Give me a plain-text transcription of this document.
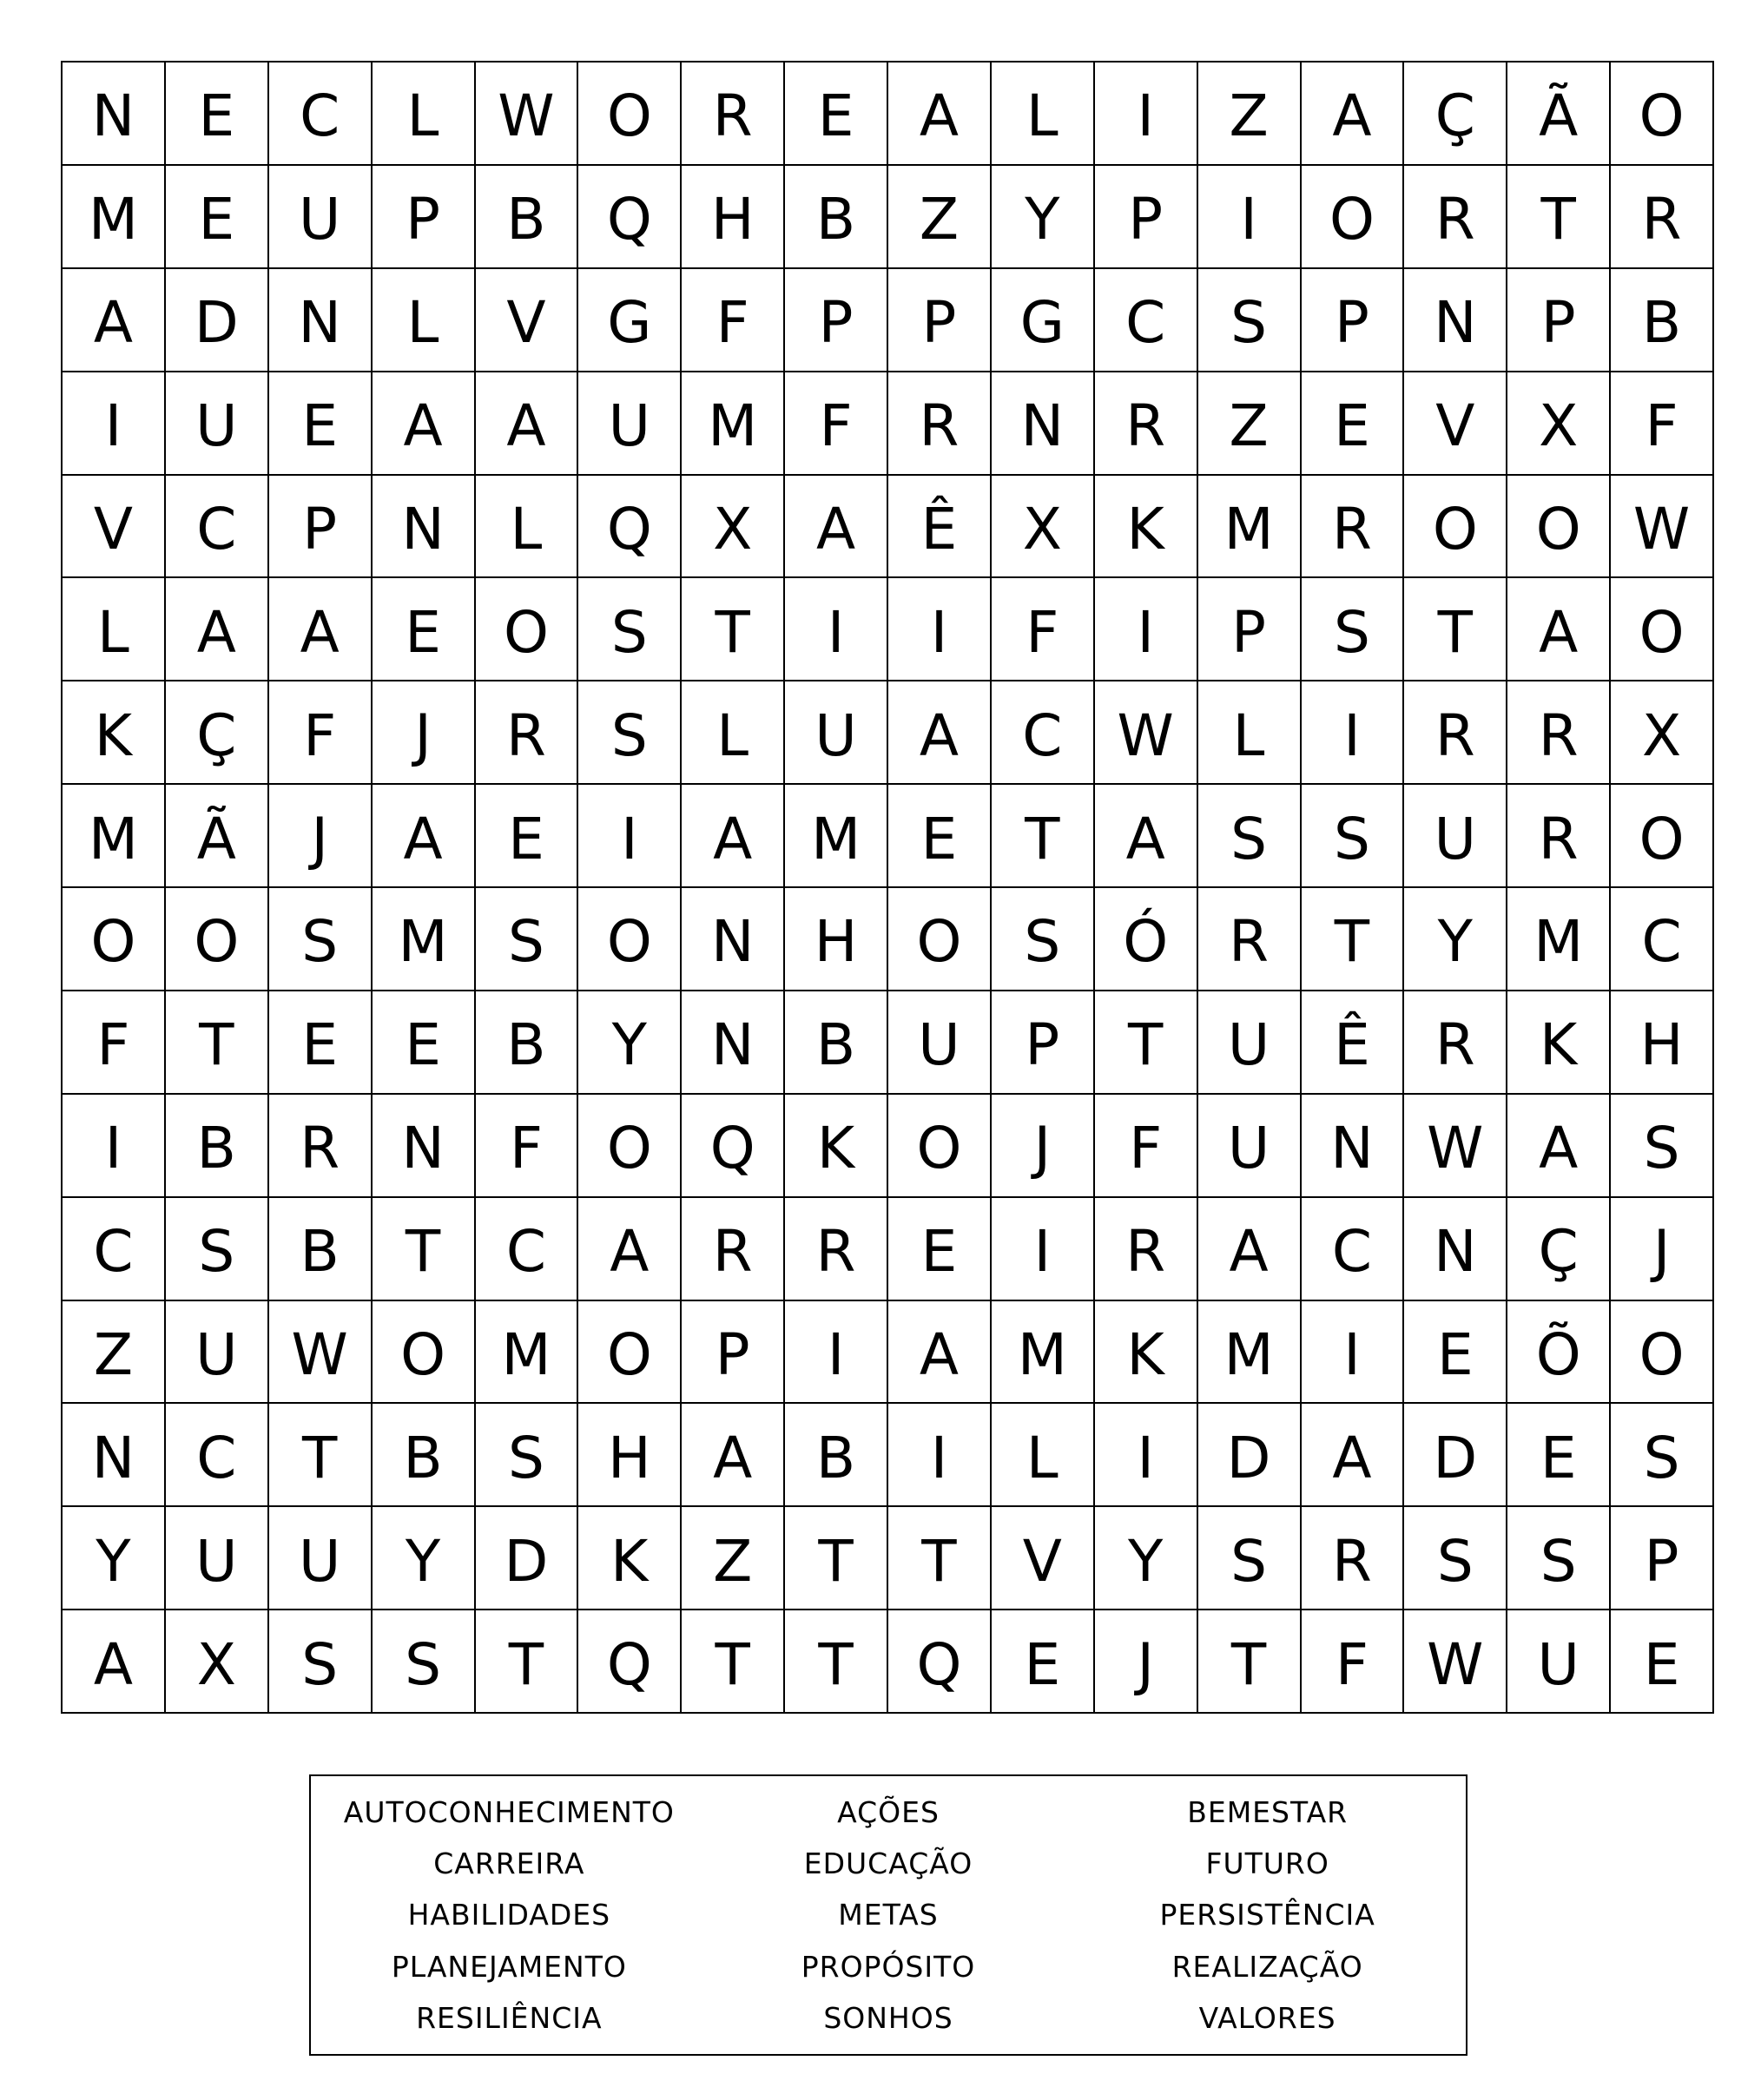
N	E	C	L	W O	R	E	A	L	I	Z	A	Ç	Ã	O
M	E	U	P	B	Q	H	B	Z	Y	P	I	O	R	T	R
A	D	N	L	V	G	F	P	P	G	C	S	P	N	P	B
I	U	E	A	A	U	M	F	R	N	R	Z	E	V	X	F
V	C	P	N	L	Q	X	A	Ê	X	K	M	R	O	O W
L	A	A	E	O	S	T	I	I	F	I	P	S	T	A	O
K	Ç	F	J	R	S	L	U	A	C W	L	I	R	R	X
M	Ã	J	A	E	I	A	M	E	T	A	S	S	U	R	O
O	O	S	M	S	O	N	H	O	S	Ó	R	T	Y	M	C
F	T	E	E	B	Y	N	B	U	P	T	U	Ê	R	K	H
I	B	R	N	F	O	Q	K	O	J	F	U	N W A	S
C	S	B	T	C	A	R	R	E	I	R	A	C	N	Ç	J
Z	U W O M O	P	I	A	M	K	M	I	E	Õ	O
N	C	T	B	S	H	A	B	I	L	I	D	A	D	E	S
Y	U	U	Y	D	K	Z	T	T	V	Y	S	R	S	S	P
A	X	S	S	T	Q	T	T	Q	E	J	T	F	W U	E
AUTOCONHECIMENTO	AÇÕES	BEMESTAR
CARREIRA	EDUCAÇÃO	FUTURO
HABILIDADES	METAS	PERSISTÊNCIA
PLANEJAMENTO	PROPÓSITO	REALIZAÇÃO
RESILIÊNCIA	SONHOS	VALORES
